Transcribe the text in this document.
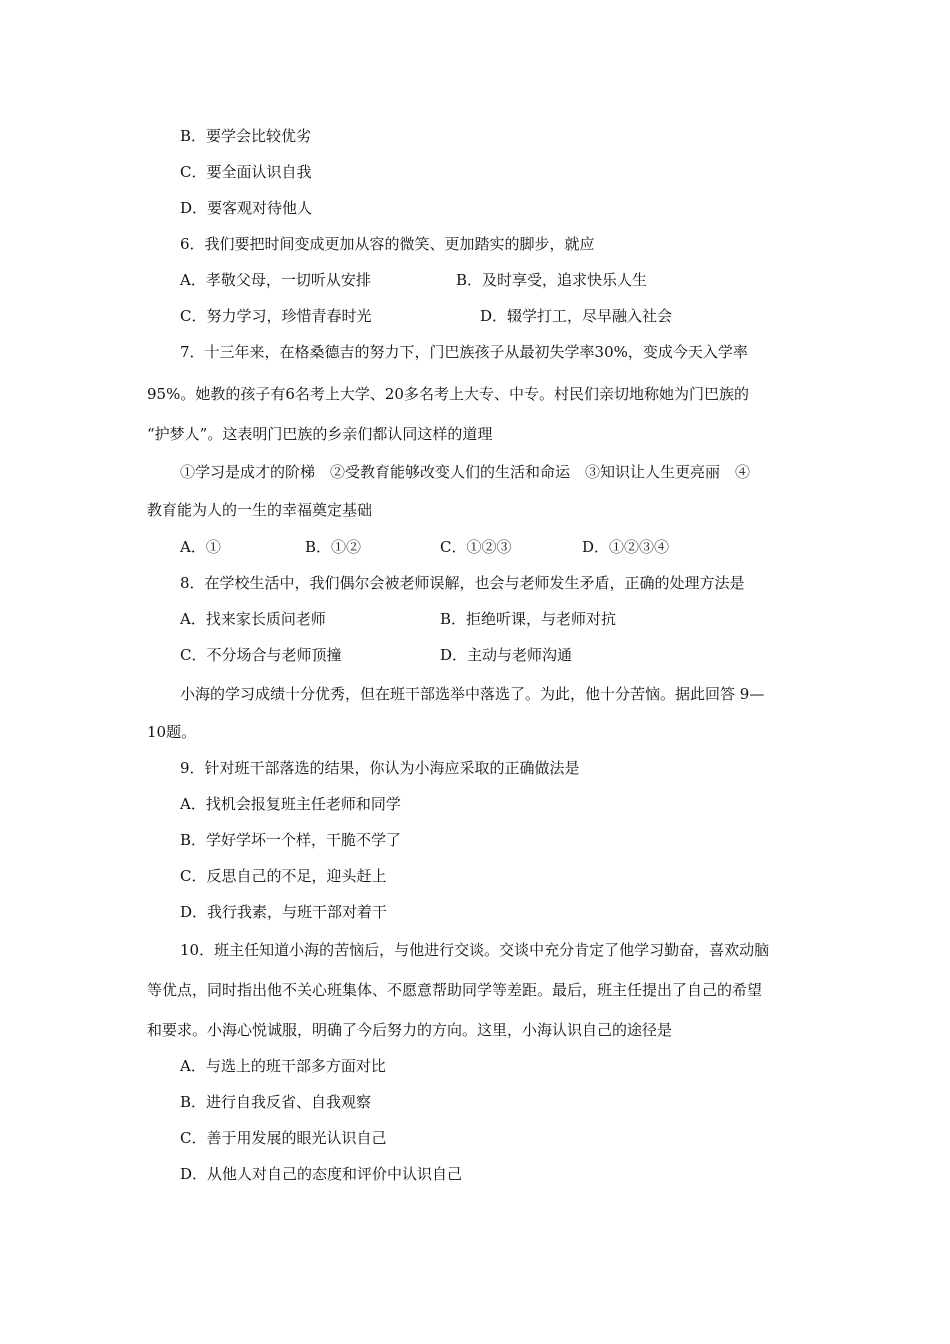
B．要学会比较优劣

C．要全面认识自我

D．要客观对待他人

6．我们要把时间变成更加从容的微笑、更加踏实的脚步，就应

A．孝敬父母，一切听从安排	B．及时享受，追求快乐人生

C．努力学习，珍惜青春时光	D．辍学打工，尽早融入社会

7．十三年来，在格桑德吉的努力下，门巴族孩子从最初失学率30%，变成今天入学率

95%。她教的孩子有6名考上大学、20多名考上大专、中专。村民们亲切地称她为门巴族的

“护梦人”。这表明门巴族的乡亲们都认同这样的道理

①学习是成才的阶梯　②受教育能够改变人们的生活和命运　③知识让人生更亮丽　④

教育能为人的一生的幸福奠定基础

A．①	B．①②	C．①②③	D．①②③④

8．在学校生活中，我们偶尔会被老师误解，也会与老师发生矛盾，正确的处理方法是

A．找来家长质问老师	B．拒绝听课，与老师对抗

C．不分场合与老师顶撞	D．主动与老师沟通

小海的学习成绩十分优秀，但在班干部选举中落选了。为此，他十分苦恼。据此回答 9—

10题。

9．针对班干部落选的结果，你认为小海应采取的正确做法是

A．找机会报复班主任老师和同学

B．学好学坏一个样，干脆不学了

C．反思自己的不足，迎头赶上

D．我行我素，与班干部对着干

10．班主任知道小海的苦恼后，与他进行交谈。交谈中充分肯定了他学习勤奋，喜欢动脑

等优点，同时指出他不关心班集体、不愿意帮助同学等差距。最后，班主任提出了自己的希望

和要求。小海心悦诚服，明确了今后努力的方向。这里，小海认识自己的途径是

A．与选上的班干部多方面对比

B．进行自我反省、自我观察

C．善于用发展的眼光认识自己

D．从他人对自己的态度和评价中认识自己
